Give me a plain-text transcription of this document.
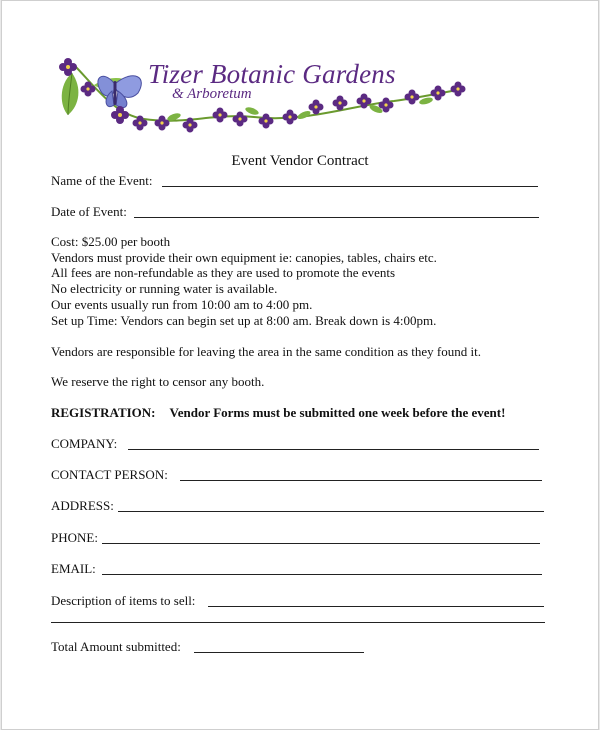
Tizer Botanic Gardens
& Arboretum
Event Vendor Contract
Name of the Event:
Date of Event:
Cost: $25.00 per booth
Vendors must provide their own equipment ie: canopies, tables, chairs etc.
All fees are non-refundable as they are used to promote the events
No electricity or running water is available.
Our events usually run from 10:00 am to 4:00 pm.
Set up Time: Vendors can begin set up at 8:00 am. Break down is 4:00pm.
Vendors are responsible for leaving the area in the same condition as they found it.
We reserve the right to censor any booth.
REGISTRATION: Vendor Forms must be submitted one week before the event!
COMPANY:
CONTACT PERSON:
ADDRESS:
PHONE:
EMAIL:
Description of items to sell:
Total Amount submitted:
